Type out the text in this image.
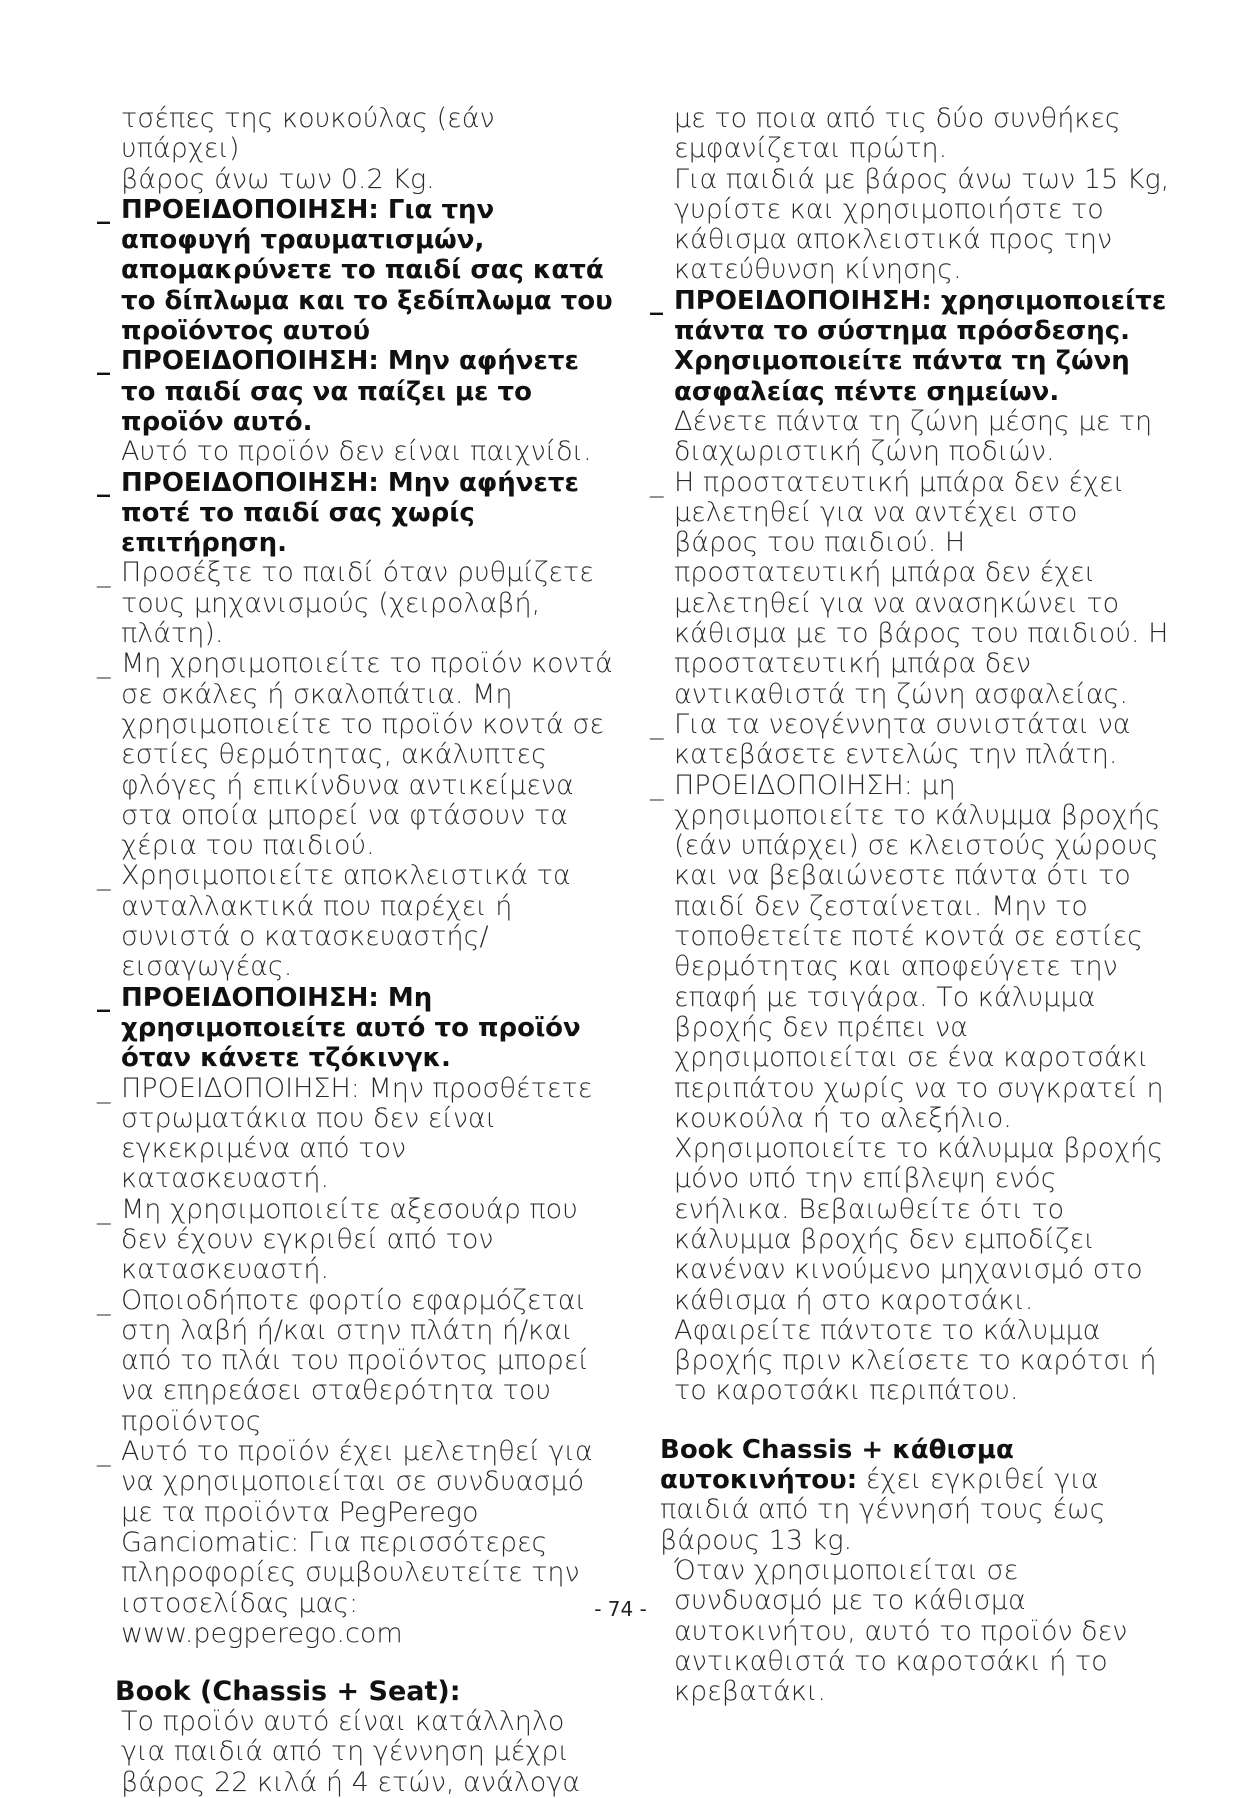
τσέπες της κουκούλας (εάν υπάρχει)
βάρος άνω των 0.2 Kg.
_ ΠΡΟΕΙΔΟΠΟΙΗΣΗ: Για την αποφυγή τραυματισμών, απομακρύνετε το παιδί σας κατά το δίπλωμα και το ξεδίπλωμα του προϊόντος αυτού
_ ΠΡΟΕΙΔΟΠΟΙΗΣΗ: Μην αφήνετε το παιδί σας να παίζει με το προϊόν αυτό.
Αυτό το προϊόν δεν είναι παιχνίδι.
_ ΠΡΟΕΙΔΟΠΟΙΗΣΗ: Μην αφήνετε ποτέ το παιδί σας χωρίς επιτήρηση.
_ Προσέξτε το παιδί όταν ρυθμίζετε τους μηχανισμούς (χειρολαβή, πλάτη).
_ Μη χρησιμοποιείτε το προϊόν κοντά σε σκάλες ή σκαλοπάτια. Μη χρησιμοποιείτε το προϊόν κοντά σε εστίες θερμότητας, ακάλυπτες φλόγες ή επικίνδυνα αντικείμενα στα οποία μπορεί να φτάσουν τα χέρια του παιδιού.
_ Χρησιμοποιείτε αποκλειστικά τα ανταλλακτικά που παρέχει ή συνιστά ο κατασκευαστής/ εισαγωγέας.
_ ΠΡΟΕΙΔΟΠΟΙΗΣΗ: Μη χρησιμοποιείτε αυτό το προϊόν όταν κάνετε τζόκινγκ.
_ ΠΡΟΕΙΔΟΠΟΙΗΣΗ: Μην προσθέτετε στρωματάκια που δεν είναι εγκεκριμένα από τον κατασκευαστή.
_ Μη χρησιμοποιείτε αξεσουάρ που δεν έχουν εγκριθεί από τον κατασκευαστή.
_ Οποιοδήποτε φορτίο εφαρμόζεται στη λαβή ή/και στην πλάτη ή/και από το πλάι του προϊόντος μπορεί να επηρεάσει σταθερότητα του προϊόντος
_ Αυτό το προϊόν έχει μελετηθεί για να χρησιμοποιείται σε συνδυασμό με τα προϊόντα PegPerego Ganciomatic: Για περισσότερες πληροφορίες συμβουλευτείτε την ιστοσελίδας μας: www.pegperego.com
Book (Chassis + Seat):
Το προϊόν αυτό είναι κατάλληλο για παιδιά από τη γέννηση μέχρι βάρος 22 κιλά ή 4 ετών, ανάλογα
με το ποια από τις δύο συνθήκες εμφανίζεται πρώτη.
Για παιδιά με βάρος άνω των 15 Kg, γυρίστε και χρησιμοποιήστε το κάθισμα αποκλειστικά προς την κατεύθυνση κίνησης.
_ ΠΡΟΕΙΔΟΠΟΙΗΣΗ: χρησιμοποιείτε πάντα το σύστημα πρόσδεσης. Χρησιμοποιείτε πάντα τη ζώνη ασφαλείας πέντε σημείων.
Δένετε πάντα τη ζώνη μέσης με τη διαχωριστική ζώνη ποδιών.
_ Η προστατευτική μπάρα δεν έχει μελετηθεί για να αντέχει στο βάρος του παιδιού. Η προστατευτική μπάρα δεν έχει μελετηθεί για να ανασηκώνει το κάθισμα με το βάρος του παιδιού. Η προστατευτική μπάρα δεν αντικαθιστά τη ζώνη ασφαλείας.
_ Για τα νεογέννητα συνιστάται να κατεβάσετε εντελώς την πλάτη.
_ ΠΡΟΕΙΔΟΠΟΙΗΣΗ: μη χρησιμοποιείτε το κάλυμμα βροχής (εάν υπάρχει) σε κλειστούς χώρους και να βεβαιώνεστε πάντα ότι το παιδί δεν ζεσταίνεται. Μην το τοποθετείτε ποτέ κοντά σε εστίες θερμότητας και αποφεύγετε την επαφή με τσιγάρα. Το κάλυμμα βροχής δεν πρέπει να χρησιμοποιείται σε ένα καροτσάκι περιπάτου χωρίς να το συγκρατεί η κουκούλα ή το αλεξήλιο. Χρησιμοποιείτε το κάλυμμα βροχής μόνο υπό την επίβλεψη ενός ενήλικα. Βεβαιωθείτε ότι το κάλυμμα βροχής δεν εμποδίζει κανέναν κινούμενο μηχανισμό στο κάθισμα ή στο καροτσάκι. Αφαιρείτε πάντοτε το κάλυμμα βροχής πριν κλείσετε το καρότσι ή το καροτσάκι περιπάτου.
Book Chassis + κάθισμα αυτοκινήτου: έχει εγκριθεί για παιδιά από τη γέννησή τους έως βάρους 13 kg.
Όταν χρησιμοποιείται σε συνδυασμό με το κάθισμα αυτοκινήτου, αυτό το προϊόν δεν αντικαθιστά το καροτσάκι ή το κρεβατάκι.
- 74 -
